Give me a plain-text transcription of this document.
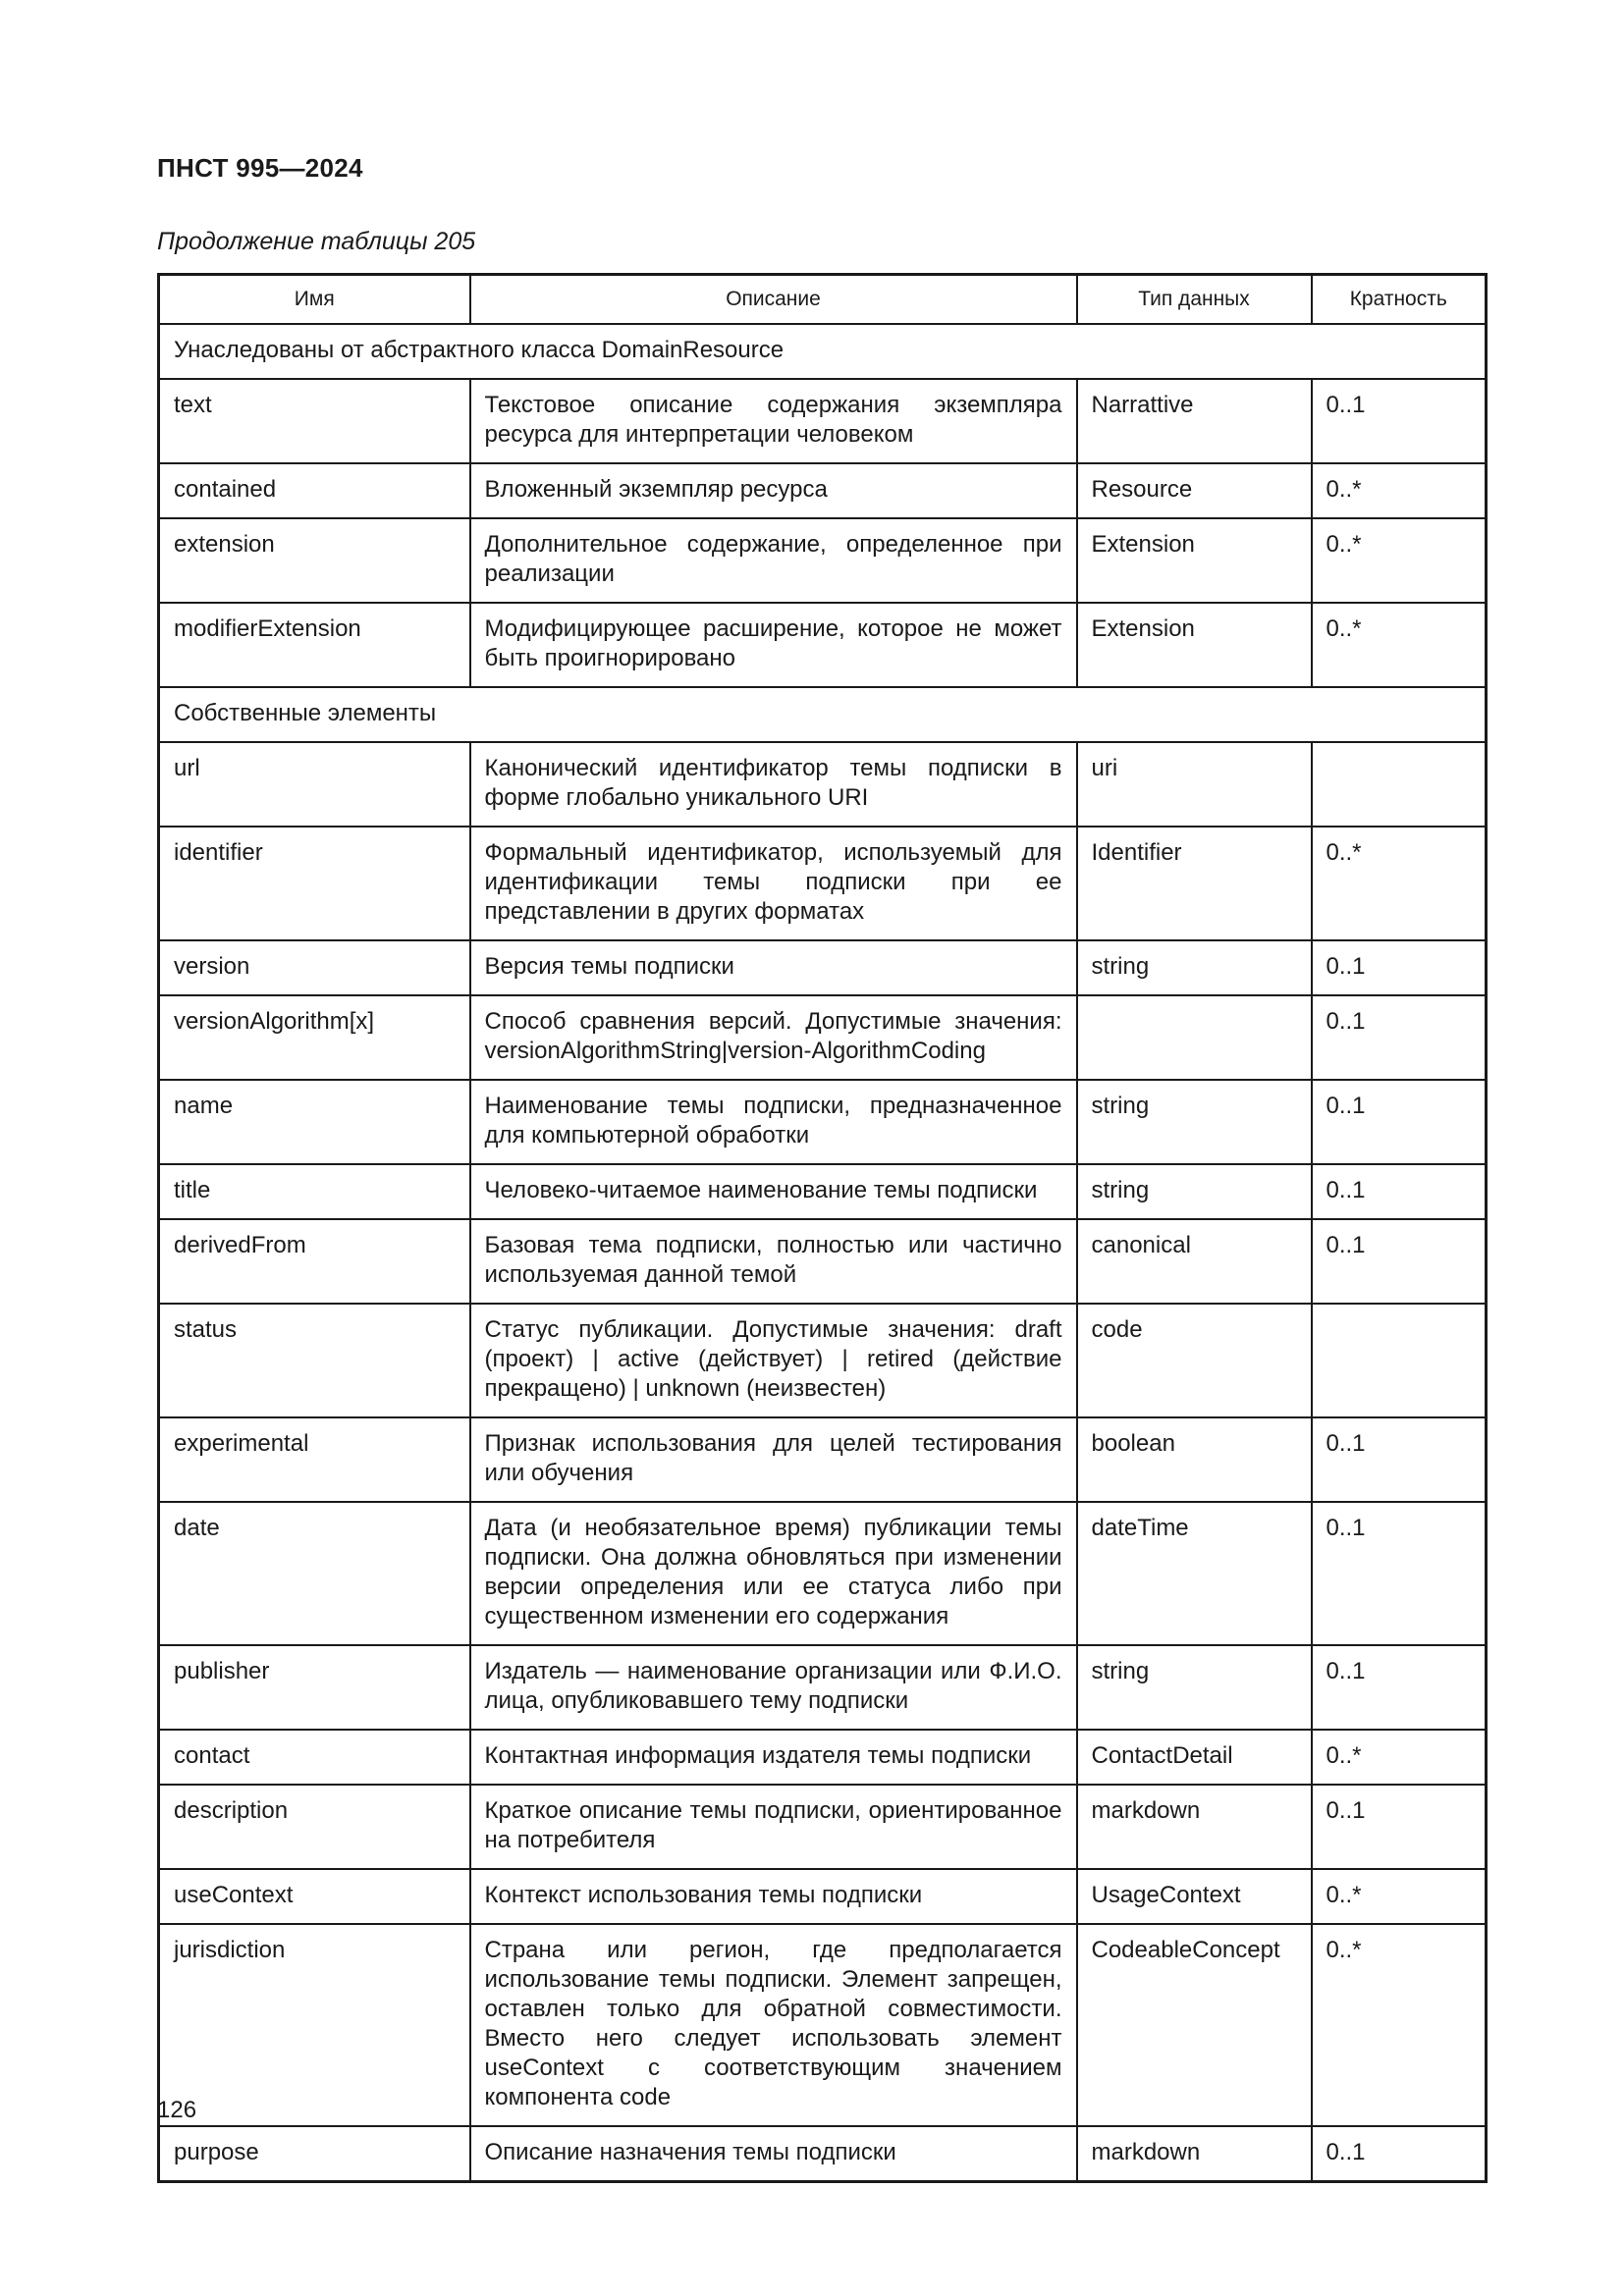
ПНСТ 995—2024
Продолжение таблицы 205
Имя	Описание	Тип данных	Кратность
Унаследованы от абстрактного класса DomainResource			
text	Текстовое описание содержания экземпляра ресурса для интерпретации человеком	Narrattive	0..1
contained	Вложенный экземпляр ресурса	Resource	0..*
extension	Дополнительное содержание, определенное при реализации	Extension	0..*
modifierExtension	Модифицирующее расширение, которое не может быть проигнорировано	Extension	0..*
Собственные элементы			
url	Канонический идентификатор темы подписки в форме глобально уникального URI	uri	
identifier	Формальный идентификатор, используемый для идентификации темы подписки при ее представлении в других форматах	Identifier	0..*
version	Версия темы подписки	string	0..1
versionAlgorithm[x]	Способ сравнения версий. Допустимые значения: versionAlgorithmString|version-AlgorithmCoding		0..1
name	Наименование темы подписки, предназначенное для компьютерной обработки	string	0..1
title	Человеко-читаемое наименование темы подписки	string	0..1
derivedFrom	Базовая тема подписки, полностью или частично используемая данной темой	canonical	0..1
status	Статус публикации. Допустимые значения: draft (проект) | active (действует) | retired (действие прекращено) | unknown (неизвестен)	code	
experimental	Признак использования для целей тестирования или обучения	boolean	0..1
date	Дата (и необязательное время) публикации темы подписки. Она должна обновляться при изменении версии определения или ее статуса либо при существенном изменении его содержания	dateTime	0..1
publisher	Издатель — наименование организации или Ф.И.О. лица, опубликовавшего тему подписки	string	0..1
contact	Контактная информация издателя темы подписки	ContactDetail	0..*
description	Краткое описание темы подписки, ориентированное на потребителя	markdown	0..1
useContext	Контекст использования темы подписки	UsageContext	0..*
jurisdiction	Страна или регион, где предполагается использование темы подписки. Элемент запрещен, оставлен только для обратной совместимости. Вместо него следует использовать элемент useContext с соответствующим значением компонента code	CodeableConcept	0..*
purpose	Описание назначения темы подписки	markdown	0..1
126
